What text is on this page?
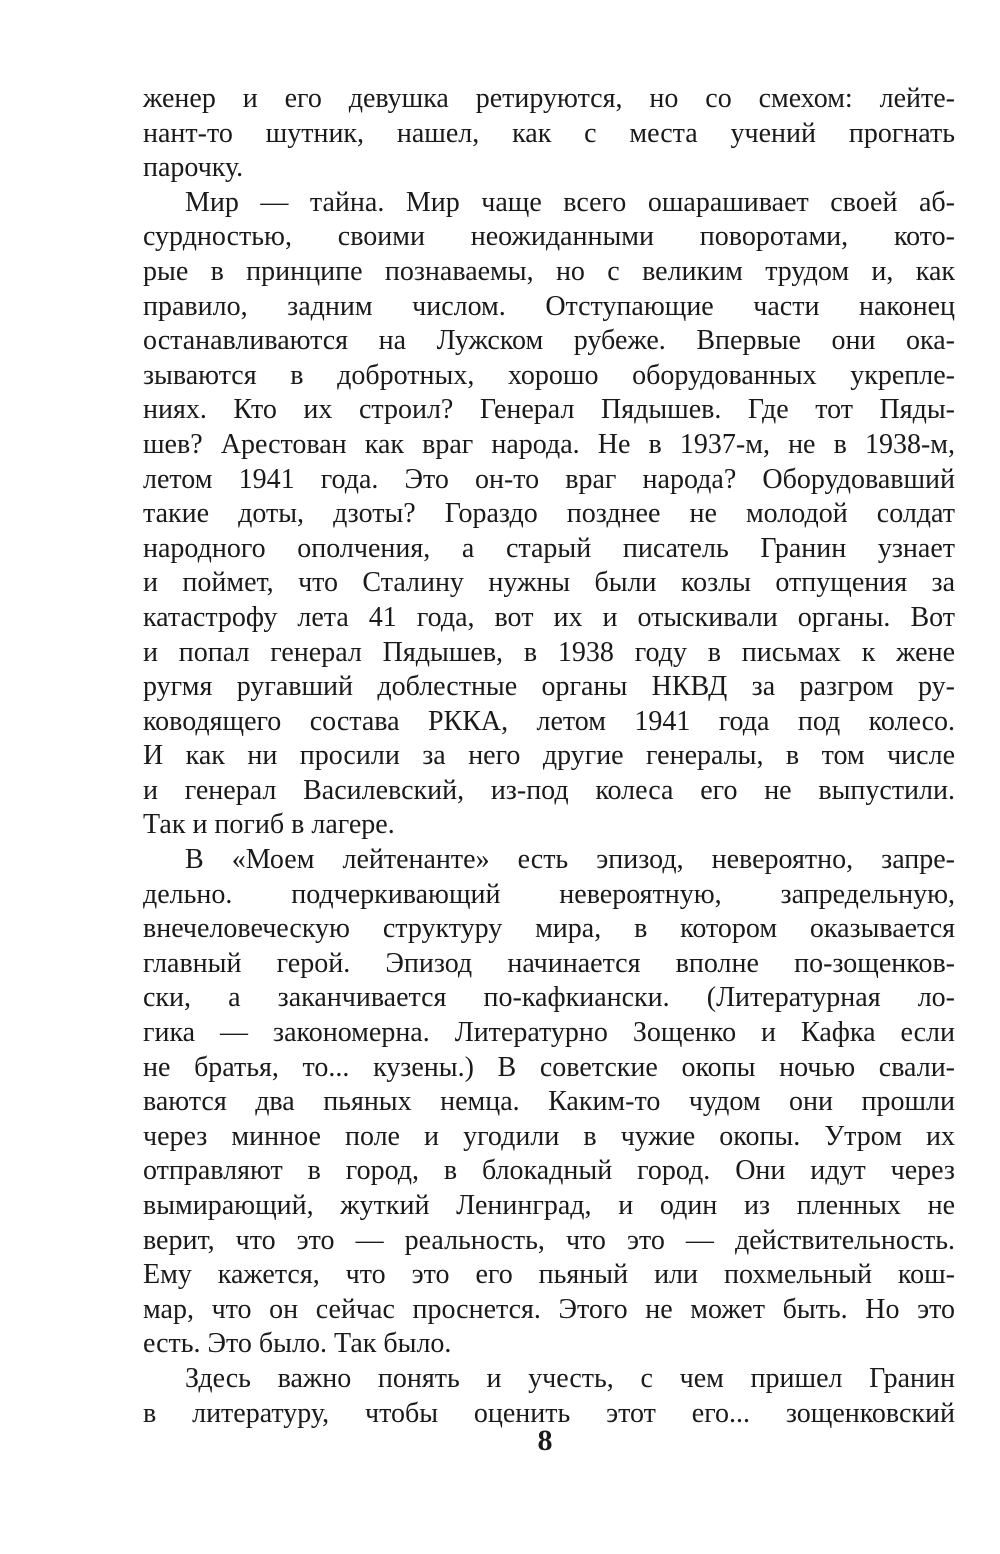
женер и его девушка ретируются, но со смехом: лейте-
нант-то шутник, нашел, как с места учений прогнать
парочку.

Мир — тайна. Мир чаще всего ошарашивает своей аб-
сурдностью, своими неожиданными поворотами, кото-
рые в принципе познаваемы, но с великим трудом и, как
правило, задним числом. Отступающие части наконец
останавливаются на Лужском рубеже. Впервые они ока-
зываются в добротных, хорошо оборудованных укрепле-
ниях. Кто их строил? Генерал Пядышев. Где тот Пяды-
шев? Арестован как враг народа. Не в 1937-м, не в 1938-м,
летом 1941 года. Это он-то враг народа? Оборудовавший
такие доты, дзоты? Гораздо позднее не молодой солдат
народного ополчения, а старый писатель Гранин узнает
и поймет, что Сталину нужны были козлы отпущения за
катастрофу лета 41 года, вот их и отыскивали органы. Вот
и попал генерал Пядышев, в 1938 году в письмах к жене
ругмя ругавший доблестные органы НКВД за разгром ру-
ководящего состава РККА, летом 1941 года под колесо.
И как ни просили за него другие генералы, в том числе
и генерал Василевский, из-под колеса его не выпустили.
Так и погиб в лагере.

В «Моем лейтенанте» есть эпизод, невероятно, запре-
дельно. подчеркивающий невероятную, запредельную,
внечеловеческую структуру мира, в котором оказывается
главный герой. Эпизод начинается вполне по-зощенков-
ски, а заканчивается по-кафкиански. (Литературная ло-
гика — закономерна. Литературно Зощенко и Кафка если
не братья, то... кузены.) В советские окопы ночью свали-
ваются два пьяных немца. Каким-то чудом они прошли
через минное поле и угодили в чужие окопы. Утром их
отправляют в город, в блокадный город. Они идут через
вымирающий, жуткий Ленинград, и один из пленных не
верит, что это — реальность, что это — действительность.
Ему кажется, что это его пьяный или похмельный кош-
мар, что он сейчас проснется. Этого не может быть. Но это
есть. Это было. Так было.

Здесь важно понять и учесть, с чем пришел Гранин
в литературу, чтобы оценить этот его... зощенковский

8
